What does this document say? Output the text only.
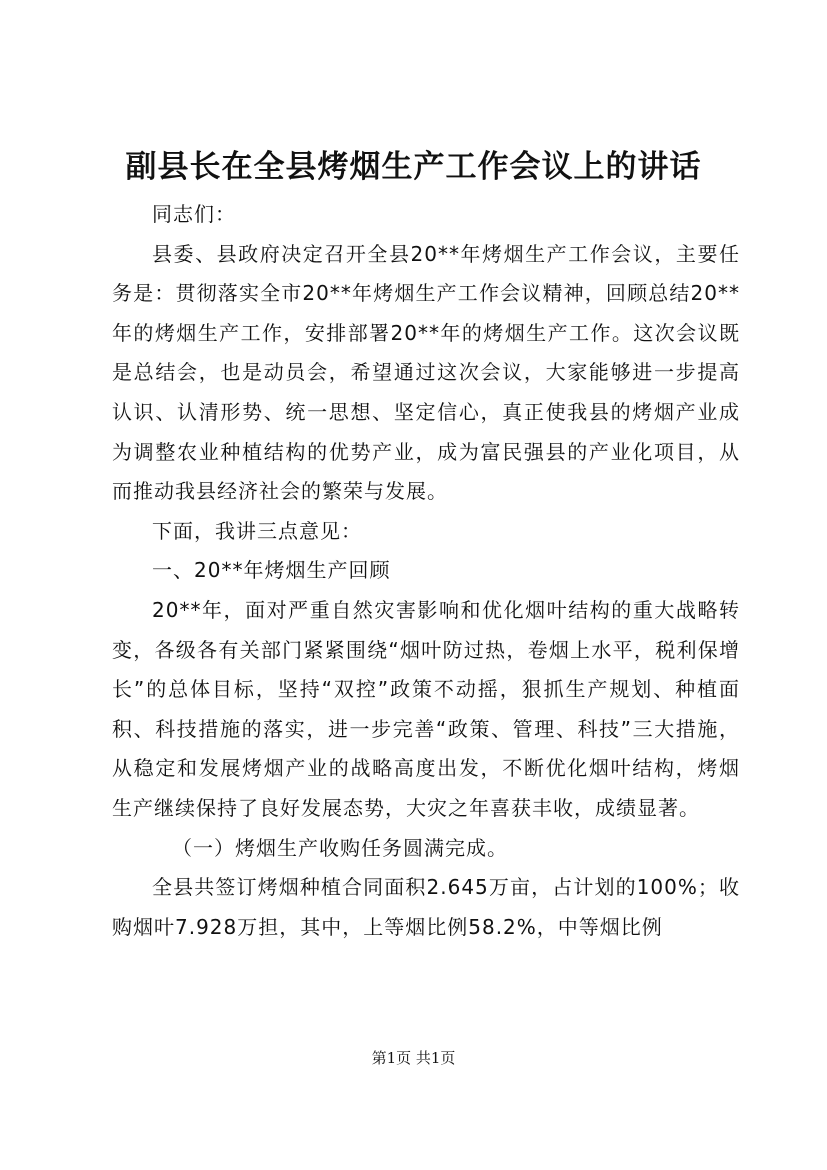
副县长在全县烤烟生产工作会议上的讲话

同志们：

县委、县政府决定召开全县20**年烤烟生产工作会议，主要任务是：贯彻落实全市20**年烤烟生产工作会议精神，回顾总结20**年的烤烟生产工作，安排部署20**年的烤烟生产工作。这次会议既是总结会，也是动员会，希望通过这次会议，大家能够进一步提高认识、认清形势、统一思想、坚定信心，真正使我县的烤烟产业成为调整农业种植结构的优势产业，成为富民强县的产业化项目，从而推动我县经济社会的繁荣与发展。

下面，我讲三点意见：

一、20**年烤烟生产回顾

20**年，面对严重自然灾害影响和优化烟叶结构的重大战略转变，各级各有关部门紧紧围绕“烟叶防过热，卷烟上水平，税利保增长”的总体目标，坚持“双控”政策不动摇，狠抓生产规划、种植面积、科技措施的落实，进一步完善“政策、管理、科技”三大措施，从稳定和发展烤烟产业的战略高度出发，不断优化烟叶结构，烤烟生产继续保持了良好发展态势，大灾之年喜获丰收，成绩显著。

（一）烤烟生产收购任务圆满完成。

全县共签订烤烟种植合同面积2.645万亩，占计划的100%；收购烟叶7.928万担，其中，上等烟比例58.2%，中等烟比例

第1页 共1页
